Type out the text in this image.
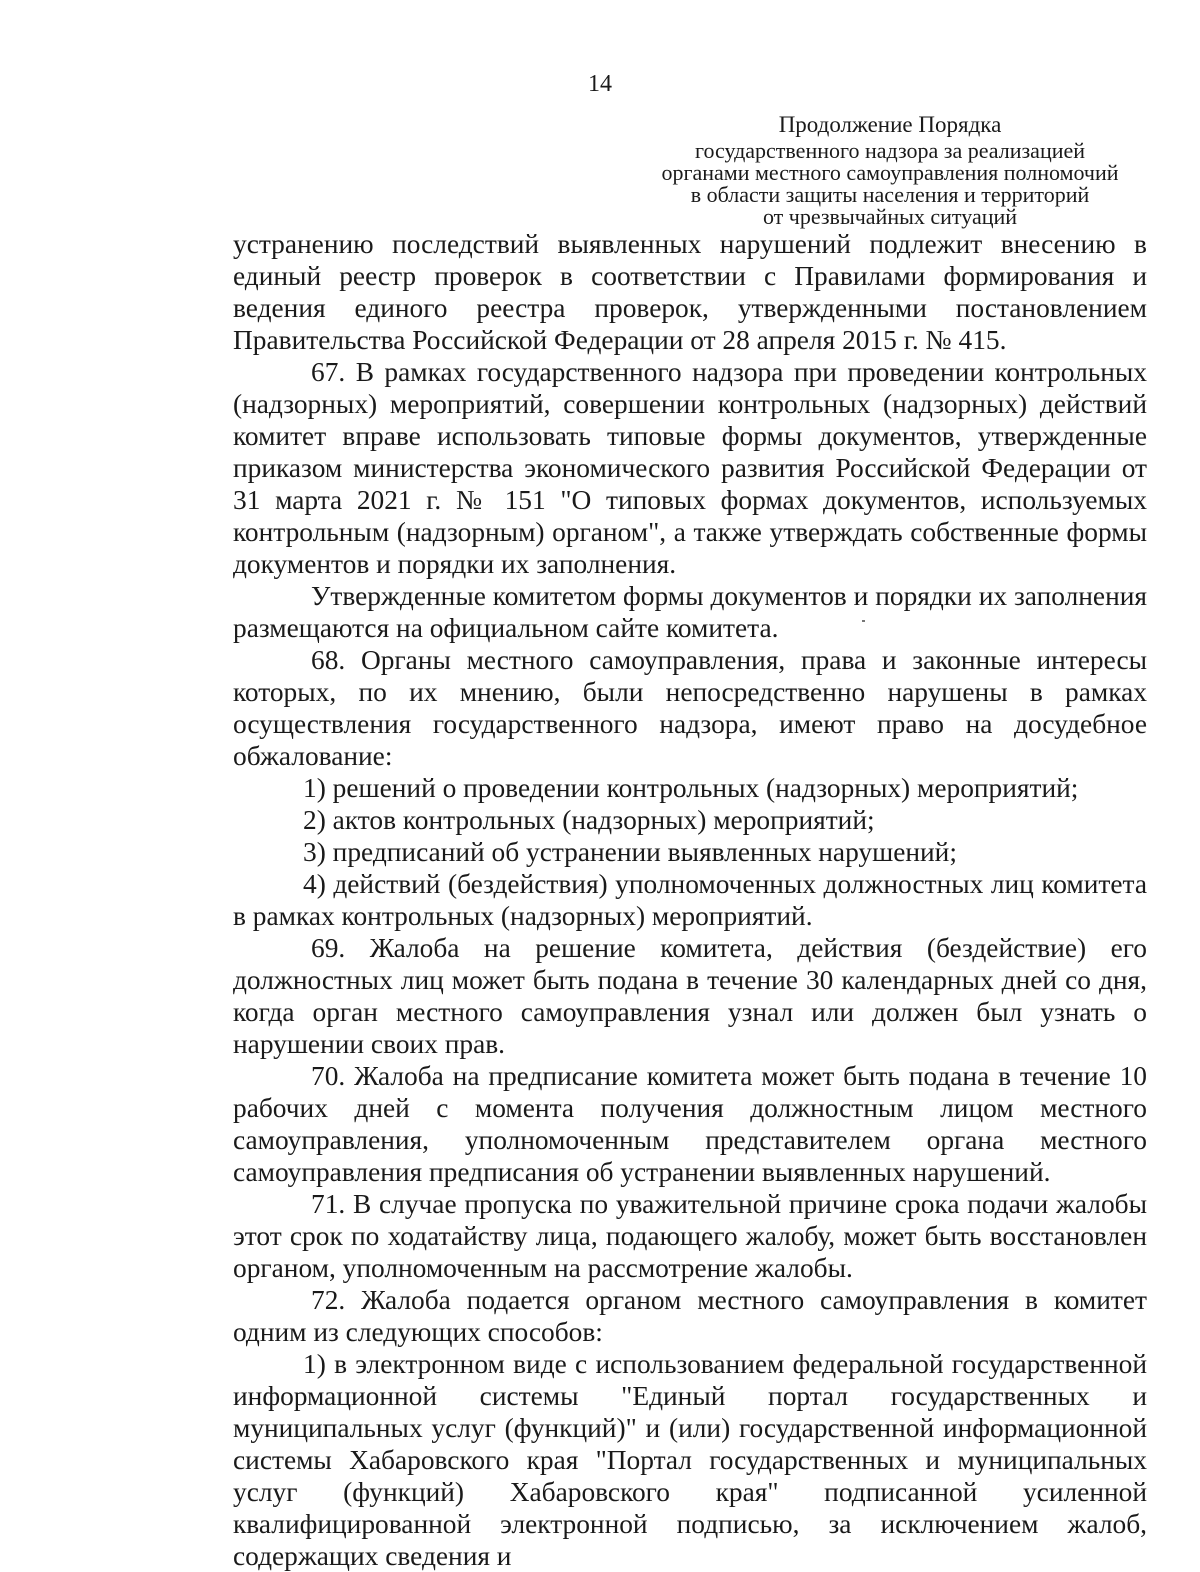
14
Продолжение Порядка
государственного надзора за реализацией
органами местного самоуправления полномочий
в области защиты населения и территорий
от чрезвычайных ситуаций

устранению последствий выявленных нарушений подлежит внесению в единый реестр проверок в соответствии с Правилами формирования и ведения единого реестра проверок, утвержденными постановлением Правительства Российской Федерации от 28 апреля 2015 г. № 415.

67. В рамках государственного надзора при проведении контрольных (надзорных) мероприятий, совершении контрольных (надзорных) действий комитет вправе использовать типовые формы документов, утвержденные приказом министерства экономического развития Российской Федерации от 31 марта 2021 г. № 151 "О типовых формах документов, используемых контрольным (надзорным) органом", а также утверждать собственные формы документов и порядки их заполнения.

Утвержденные комитетом формы документов и порядки их заполнения размещаются на официальном сайте комитета.

68. Органы местного самоуправления, права и законные интересы которых, по их мнению, были непосредственно нарушены в рамках осуществления государственного надзора, имеют право на досудебное обжалование:

1) решений о проведении контрольных (надзорных) мероприятий;

2) актов контрольных (надзорных) мероприятий;

3) предписаний об устранении выявленных нарушений;

4) действий (бездействия) уполномоченных должностных лиц комитета в рамках контрольных (надзорных) мероприятий.

69. Жалоба на решение комитета, действия (бездействие) его должностных лиц может быть подана в течение 30 календарных дней со дня, когда орган местного самоуправления узнал или должен был узнать о нарушении своих прав.

70. Жалоба на предписание комитета может быть подана в течение 10 рабочих дней с момента получения должностным лицом местного самоуправления, уполномоченным представителем органа местного самоуправления предписания об устранении выявленных нарушений.

71. В случае пропуска по уважительной причине срока подачи жалобы этот срок по ходатайству лица, подающего жалобу, может быть восстановлен органом, уполномоченным на рассмотрение жалобы.

72. Жалоба подается органом местного самоуправления в комитет одним из следующих способов:

1) в электронном виде с использованием федеральной государственной информационной системы "Единый портал государственных и муниципальных услуг (функций)" и (или) государственной информационной системы Хабаровского края "Портал государственных и муниципальных услуг (функций) Хабаровского края" подписанной усиленной квалифицированной электронной подписью, за исключением жалоб, содержащих сведения и
